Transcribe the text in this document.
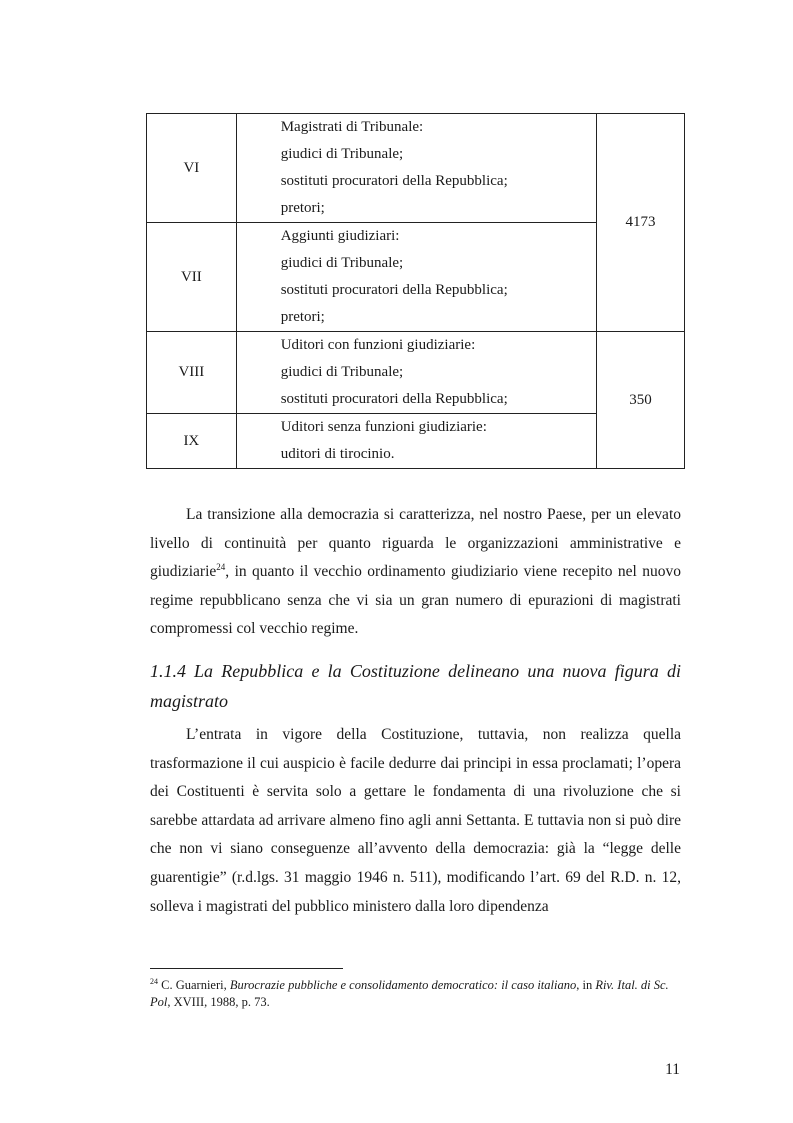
VI	Magistrati di Tribunale:
giudici di Tribunale;
sostituti procuratori della Repubblica;
pretori;	4173
VII	Aggiunti giudiziari:
giudici di Tribunale;
sostituti procuratori della Repubblica;
pretori;	

VIII	Uditori con funzioni giudiziarie:
giudici di Tribunale;
sostituti procuratori della Repubblica;	350
IX	Uditori senza funzioni giudiziarie:
uditori di tirocinio.	

La transizione alla democrazia si caratterizza, nel nostro Paese, per un elevato livello di continuità per quanto riguarda le organizzazioni amministrative e giudiziarie$^{24}$, in quanto il vecchio ordinamento giudiziario viene recepito nel nuovo regime repubblicano senza che vi sia un gran numero di epurazioni di magistrati compromessi col vecchio regime.

1.1.4 La Repubblica e la Costituzione delineano una nuova figura di magistrato

L’entrata in vigore della Costituzione, tuttavia, non realizza quella trasformazione il cui auspicio è facile dedurre dai principi in essa proclamati; l’opera dei Costituenti è servita solo a gettare le fondamenta di una rivoluzione che si sarebbe attardata ad arrivare almeno fino agli anni Settanta. E tuttavia non si può dire che non vi siano conseguenze all’avvento della democrazia: già la “legge delle guarentigie” (r.d.lgs. 31 maggio 1946 n. 511), modificando l’art. 69 del R.D. n. 12, solleva i magistrati del pubblico ministero dalla loro dipendenza

$^{24}$ C. Guarnieri, Burocrazie pubbliche e consolidamento democratico: il caso italiano, in Riv. Ital. di Sc. Pol, XVIII, 1988, p. 73.

11
